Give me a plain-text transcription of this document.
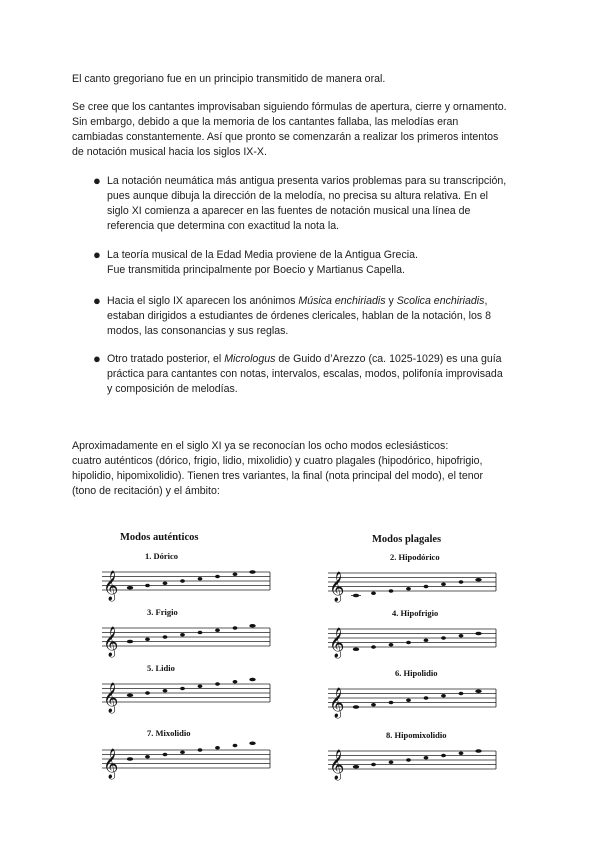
El canto gregoriano fue en un principio transmitido de manera oral.
Se cree que los cantantes improvisaban siguiendo fórmulas de apertura, cierre y ornamento.
Sin embargo, debido a que la memoria de los cantantes fallaba, las melodías eran
cambiadas constantemente. Así que pronto se comenzarán a realizar los primeros intentos
de notación musical hacia los siglos IX-X.
● La notación neumática más antigua presenta varios problemas para su transcripción,
pues aunque dibuja la dirección de la melodía, no precisa su altura relativa. En el
siglo XI comienza a aparecer en las fuentes de notación musical una línea de
referencia que determina con exactitud la nota la.
● La teoría musical de la Edad Media proviene de la Antigua Grecia.
Fue transmitida principalmente por Boecio y Martianus Capella.
● Hacia el siglo IX aparecen los anónimos Música enchiriadis y Scolica enchiriadis,
estaban dirigidos a estudiantes de órdenes clericales, hablan de la notación, los 8
modos, las consonancias y sus reglas.
● Otro tratado posterior, el Micrologus de Guido d’Arezzo (ca. 1025-1029) es una guía
práctica para cantantes con notas, intervalos, escalas, modos, polifonía improvisada
y composición de melodías.
Aproximadamente en el siglo XI ya se reconocían los ocho modos eclesiásticos:
cuatro auténticos (dórico, frigio, lidio, mixolidio) y cuatro plagales (hipodórico, hipofrigio,
hipolidio, hipomixolidio). Tienen tres variantes, la final (nota principal del modo), el tenor
(tono de recitación) y el ámbito:
Modos auténticos	Modos plagales
1. Dórico
3. Frigio
5. Lidio
7. Mixolidio
2. Hipodórico
4. Hipofrigio
6. Hipolidio
8. Hipomixolidio
𝄞
𝄞
𝄞
𝄞
𝄞
𝄞
𝄞
𝄞
